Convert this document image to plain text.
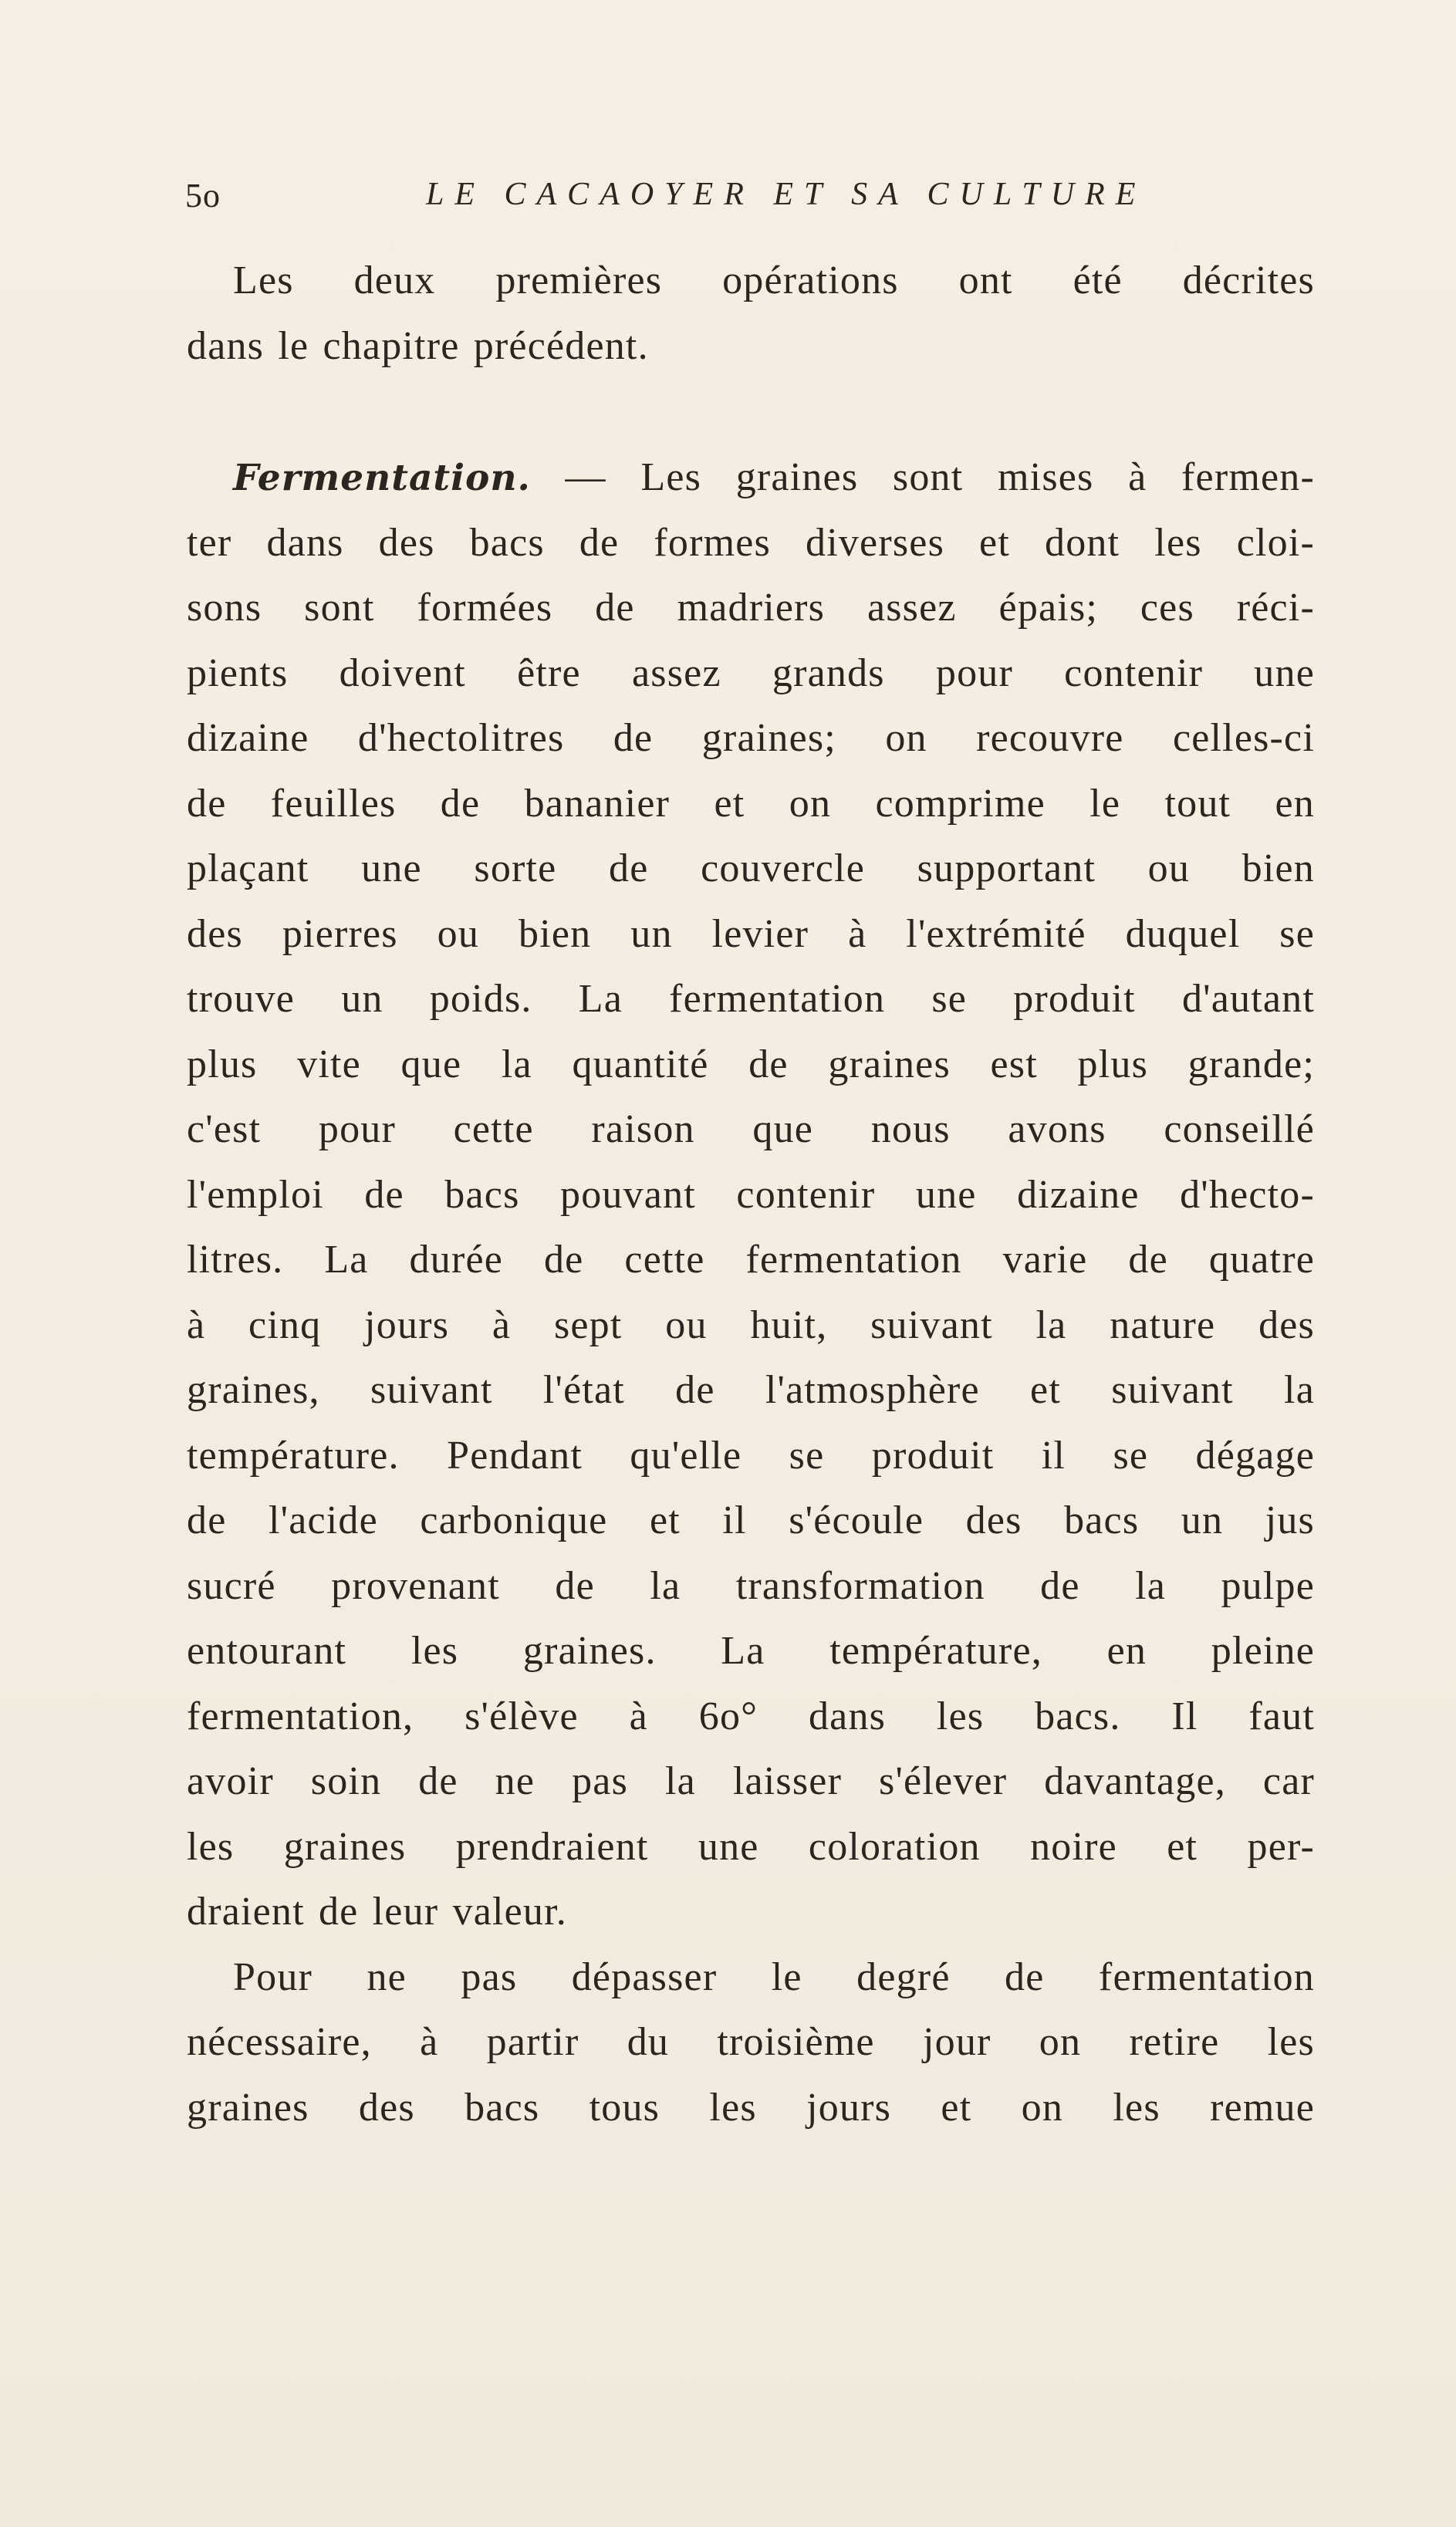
5o	LE CACAOYER ET SA CULTURE
Les deux premières opérations ont été décrites
dans le chapitre précédent.
Fermentation. — Les graines sont mises à fermen-
ter dans des bacs de formes diverses et dont les cloi-
sons sont formées de madriers assez épais; ces réci-
pients doivent être assez grands pour contenir une
dizaine d'hectolitres de graines; on recouvre celles-ci
de feuilles de bananier et on comprime le tout en
plaçant une sorte de couvercle supportant ou bien
des pierres ou bien un levier à l'extrémité duquel se
trouve un poids. La fermentation se produit d'autant
plus vite que la quantité de graines est plus grande;
c'est pour cette raison que nous avons conseillé
l'emploi de bacs pouvant contenir une dizaine d'hecto-
litres. La durée de cette fermentation varie de quatre
à cinq jours à sept ou huit, suivant la nature des
graines, suivant l'état de l'atmosphère et suivant la
température. Pendant qu'elle se produit il se dégage
de l'acide carbonique et il s'écoule des bacs un jus
sucré provenant de la transformation de la pulpe
entourant les graines. La température, en pleine
fermentation, s'élève à 6o° dans les bacs. Il faut
avoir soin de ne pas la laisser s'élever davantage, car
les graines prendraient une coloration noire et per-
draient de leur valeur.
Pour ne pas dépasser le degré de fermentation
nécessaire, à partir du troisième jour on retire les
graines des bacs tous les jours et on les remue
